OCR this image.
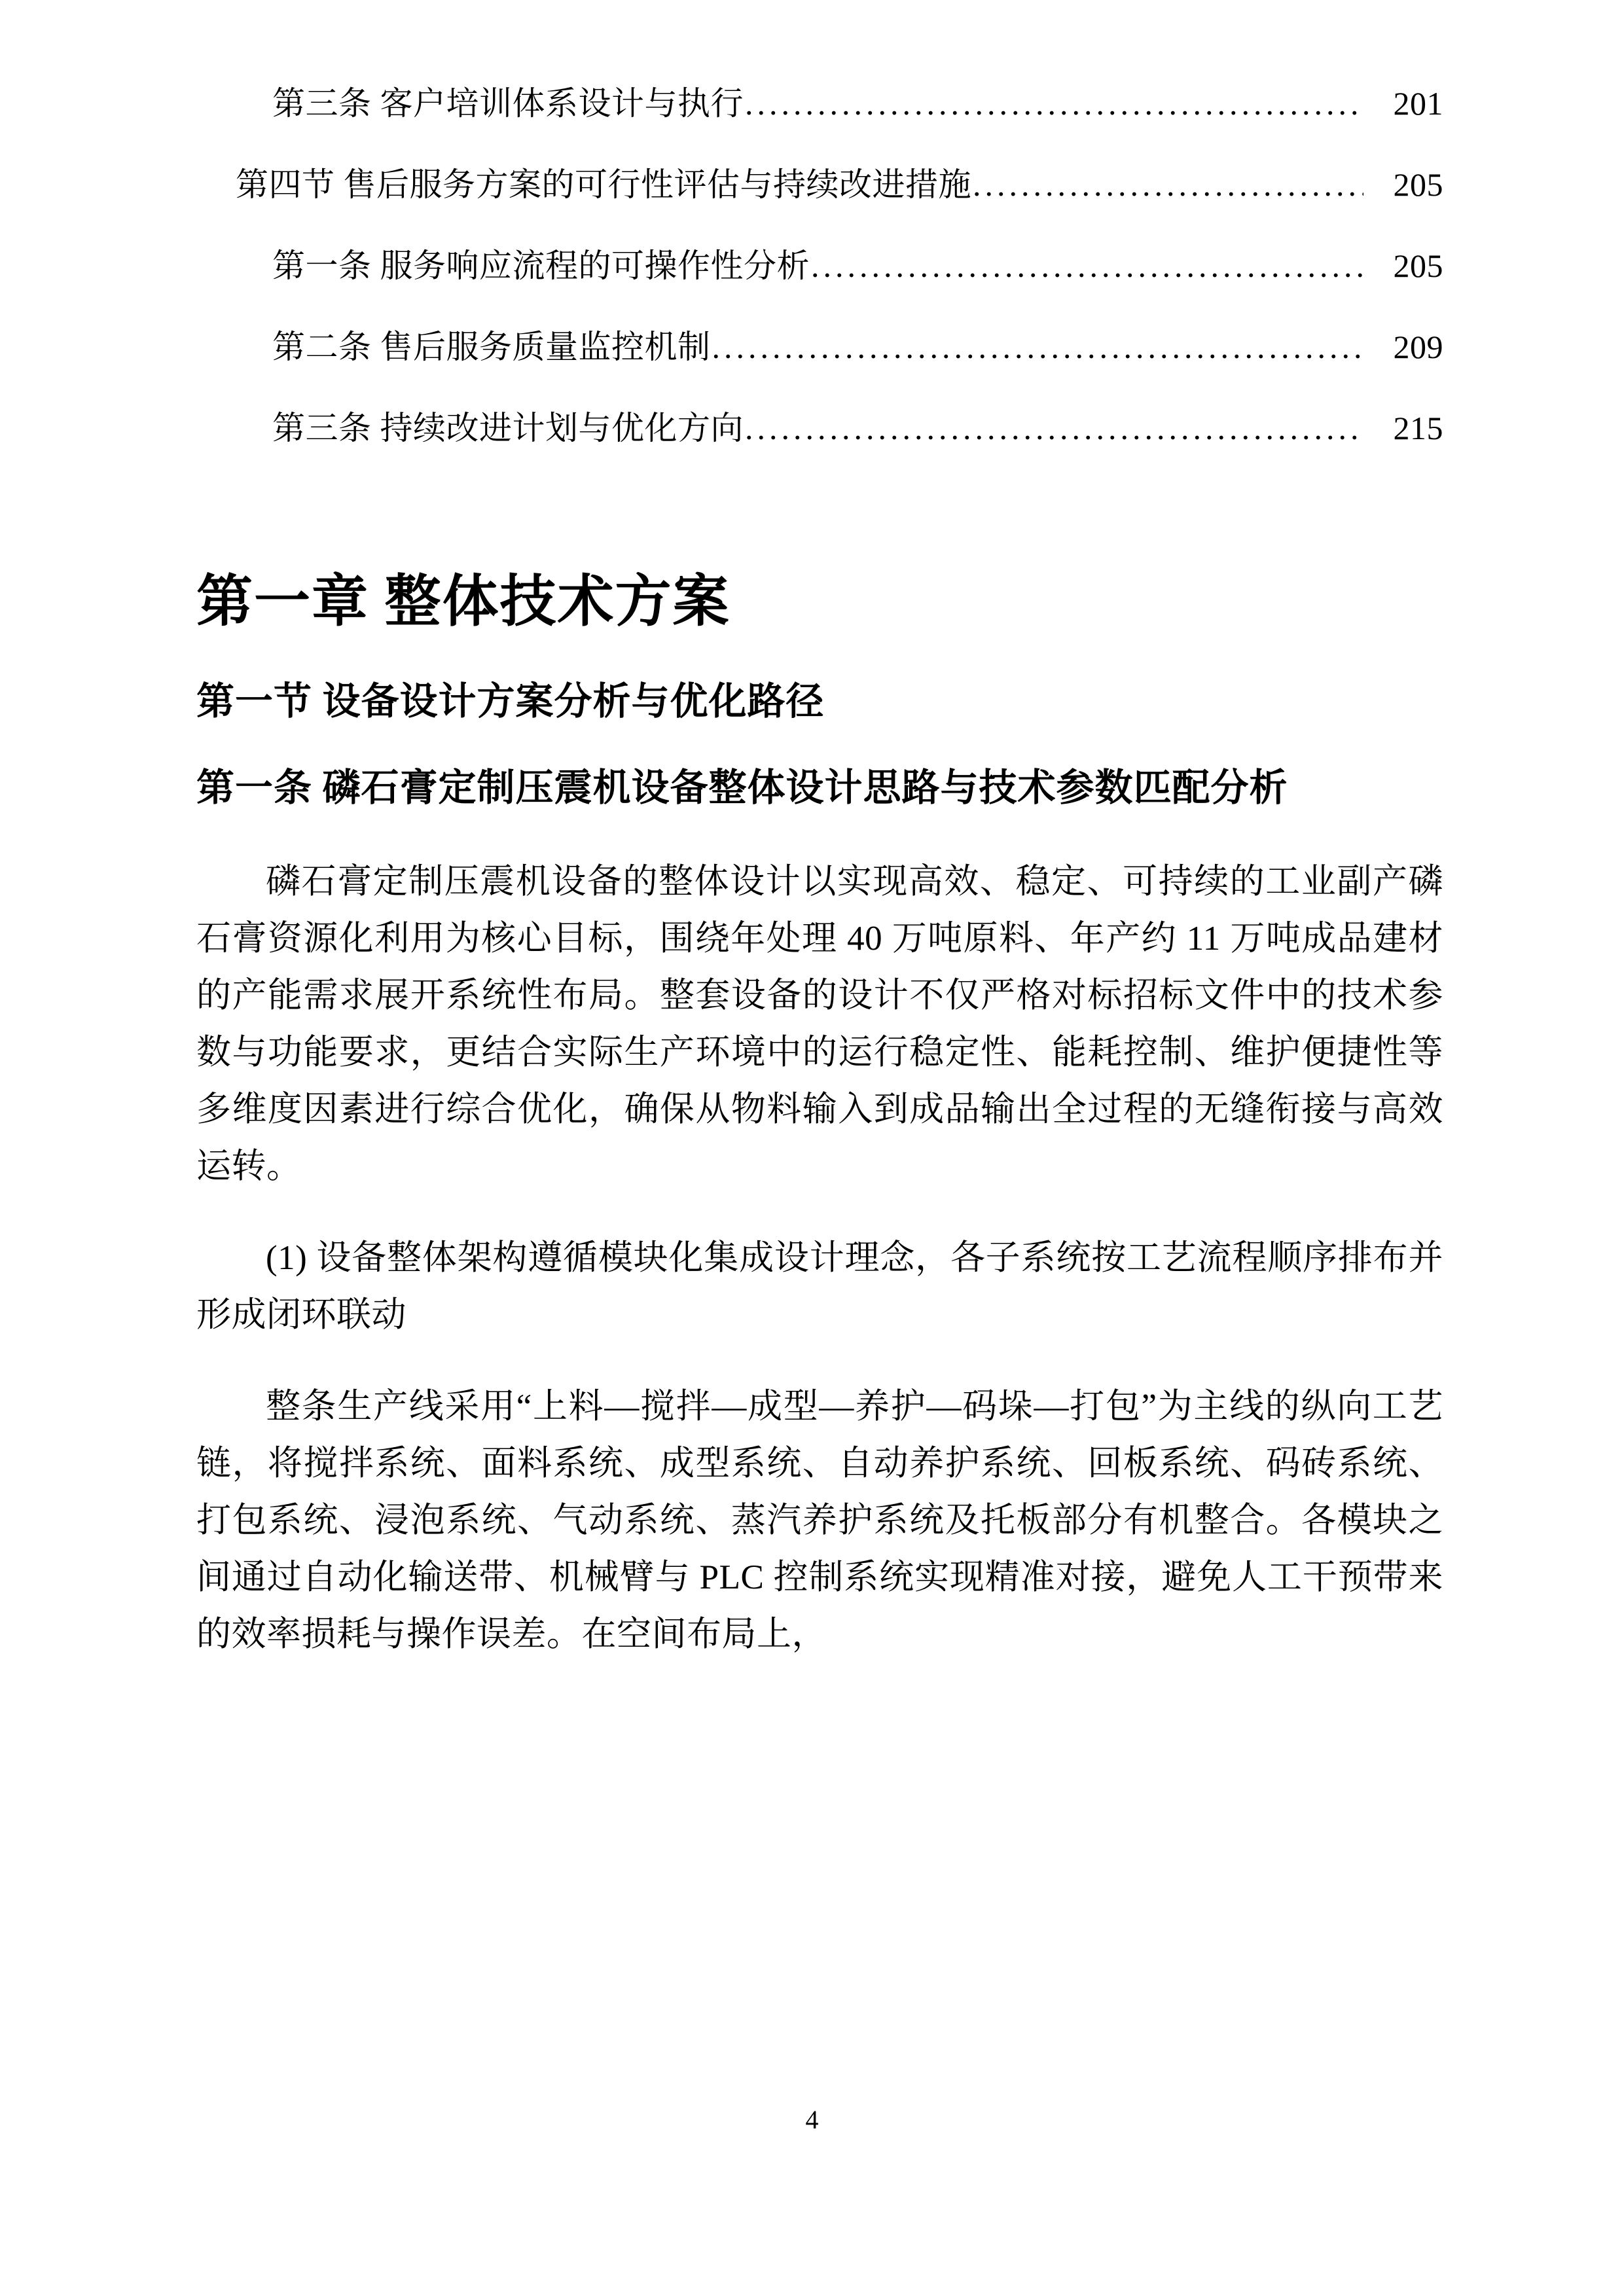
第三条 客户培训体系设计与执行 .....	201
第四节 售后服务方案的可行性评估与持续改进措施 .....	205
第一条 服务响应流程的可操作性分析 .....	205
第二条 售后服务质量监控机制 .....	209
第三条 持续改进计划与优化方向 .....	215
第一章 整体技术方案
第一节 设备设计方案分析与优化路径
第一条 磷石膏定制压震机设备整体设计思路与技术参数匹配分析

磷石膏定制压震机设备的整体设计以实现高效、稳定、可持续的工业副产磷石膏资源化利用为核心目标，围绕年处理 40 万吨原料、年产约 11 万吨成品建材的产能需求展开系统性布局。整套设备的设计不仅严格对标招标文件中的技术参数与功能要求，更结合实际生产环境中的运行稳定性、能耗控制、维护便捷性等多维度因素进行综合优化，确保从物料输入到成品输出全过程的无缝衔接与高效运转。

(1) 设备整体架构遵循模块化集成设计理念，各子系统按工艺流程顺序排布并形成闭环联动

整条生产线采用“上料—搅拌—成型—养护—码垛—打包”为主线的纵向工艺链，将搅拌系统、面料系统、成型系统、自动养护系统、回板系统、码砖系统、打包系统、浸泡系统、气动系统、蒸汽养护系统及托板部分有机整合。各模块之间通过自动化输送带、机械臂与 PLC 控制系统实现精准对接，避免人工干预带来的效率损耗与操作误差。在空间布局上，

4
